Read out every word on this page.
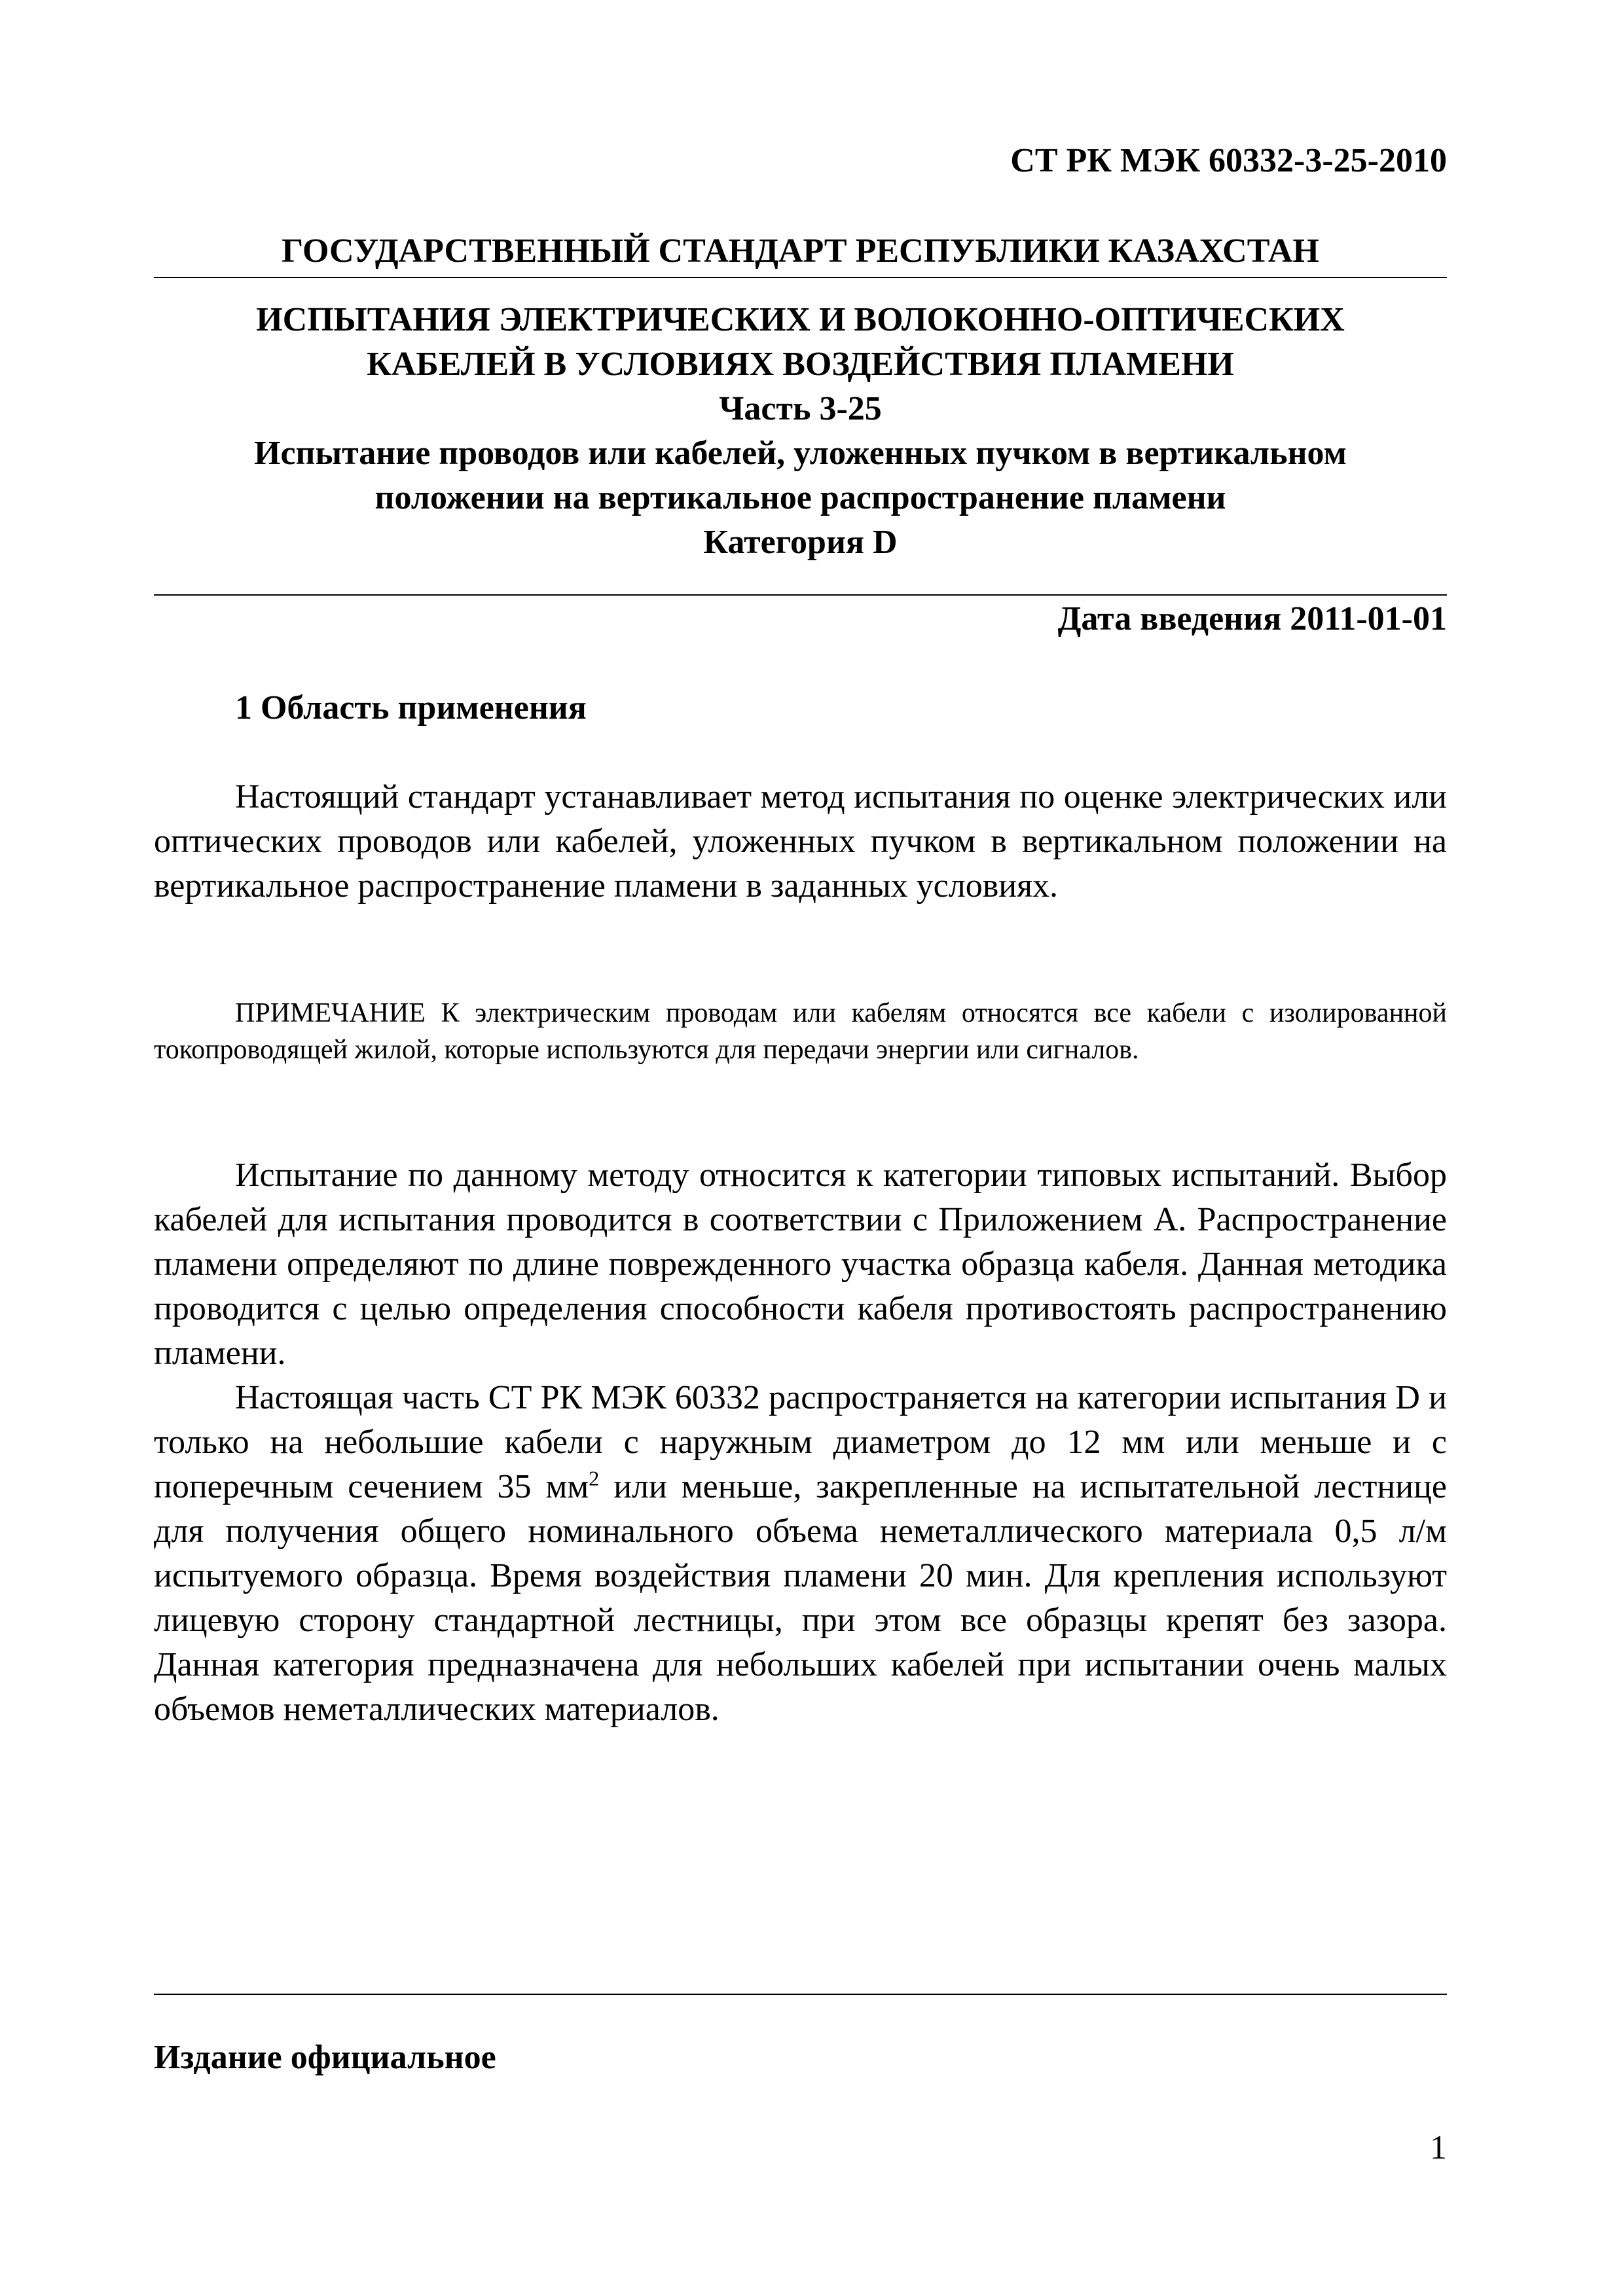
СТ РК МЭК 60332-3-25-2010
ГОСУДАРСТВЕННЫЙ СТАНДАРТ РЕСПУБЛИКИ КАЗАХСТАН
ИСПЫТАНИЯ ЭЛЕКТРИЧЕСКИХ И ВОЛОКОННО-ОПТИЧЕСКИХ
КАБЕЛЕЙ В УСЛОВИЯХ ВОЗДЕЙСТВИЯ ПЛАМЕНИ
Часть 3-25
Испытание проводов или кабелей, уложенных пучком в вертикальном
положении на вертикальное распространение пламени
Категория D
Дата введения 2011-01-01
1 Область применения

Настоящий стандарт устанавливает метод испытания по оценке электрических или оптических проводов или кабелей, уложенных пучком в вертикальном положении на вертикальное распространение пламени в заданных условиях.

ПРИМЕЧАНИЕ К электрическим проводам или кабелям относятся все кабели с изолированной токопроводящей жилой, которые используются для передачи энергии или сигналов.

Испытание по данному методу относится к категории типовых испытаний. Выбор кабелей для испытания проводится в соответствии с Приложением А. Распространение пламени определяют по длине поврежденного участка образца кабеля. Данная методика проводится с целью определения способности кабеля противостоять распространению пламени.

Настоящая часть СТ РК МЭК 60332 распространяется на категории испытания D и только на небольшие кабели с наружным диаметром до 12 мм или меньше и с поперечным сечением 35 $мм^2$ или меньше, закрепленные на испытательной лестнице для получения общего номинального объема неметаллического материала 0,5 л/м испытуемого образца. Время воздействия пламени 20 мин. Для крепления используют лицевую сторону стандартной лестницы, при этом все образцы крепят без зазора. Данная категория предназначена для небольших кабелей при испытании очень малых объемов неметаллических материалов.

Издание официальное
1
